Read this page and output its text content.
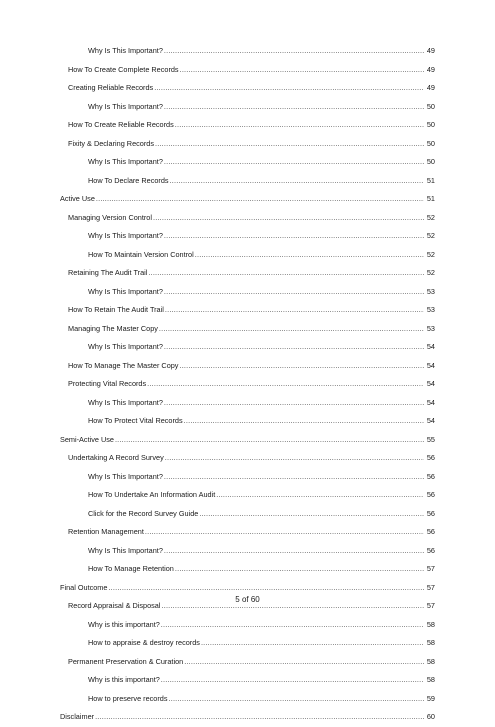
Why Is This Important? .....	49
How To Create Complete Records .....	49
Creating Reliable Records .....	49
Why Is This Important? .....	50
How To Create Reliable Records .....	50
Fixity & Declaring Records .....	50
Why Is This Important? .....	50
How To Declare Records .....	51
Active Use .....	51
Managing Version Control .....	52
Why Is This Important? .....	52
How To Maintain Version Control .....	52
Retaining The Audit Trail .....	52
Why Is This Important? .....	53
How To Retain The Audit Trail .....	53
Managing The Master Copy .....	53
Why Is This Important? .....	54
How To Manage The Master Copy .....	54
Protecting Vital Records .....	54
Why Is This Important? .....	54
How To Protect Vital Records .....	54
Semi-Active Use .....	55
Undertaking A Record Survey .....	56
Why Is This Important? .....	56
How To Undertake An Information Audit .....	56
Click for the Record Survey Guide .....	56
Retention Management .....	56
Why Is This Important? .....	56
How To Manage Retention .....	57
Final Outcome .....	57
Record Appraisal & Disposal .....	57
Why is this important? .....	58
How to appraise & destroy records .....	58
Permanent Preservation & Curation .....	58
Why is this important? .....	58
How to preserve records .....	59
Disclaimer .....	60
5 of 60
